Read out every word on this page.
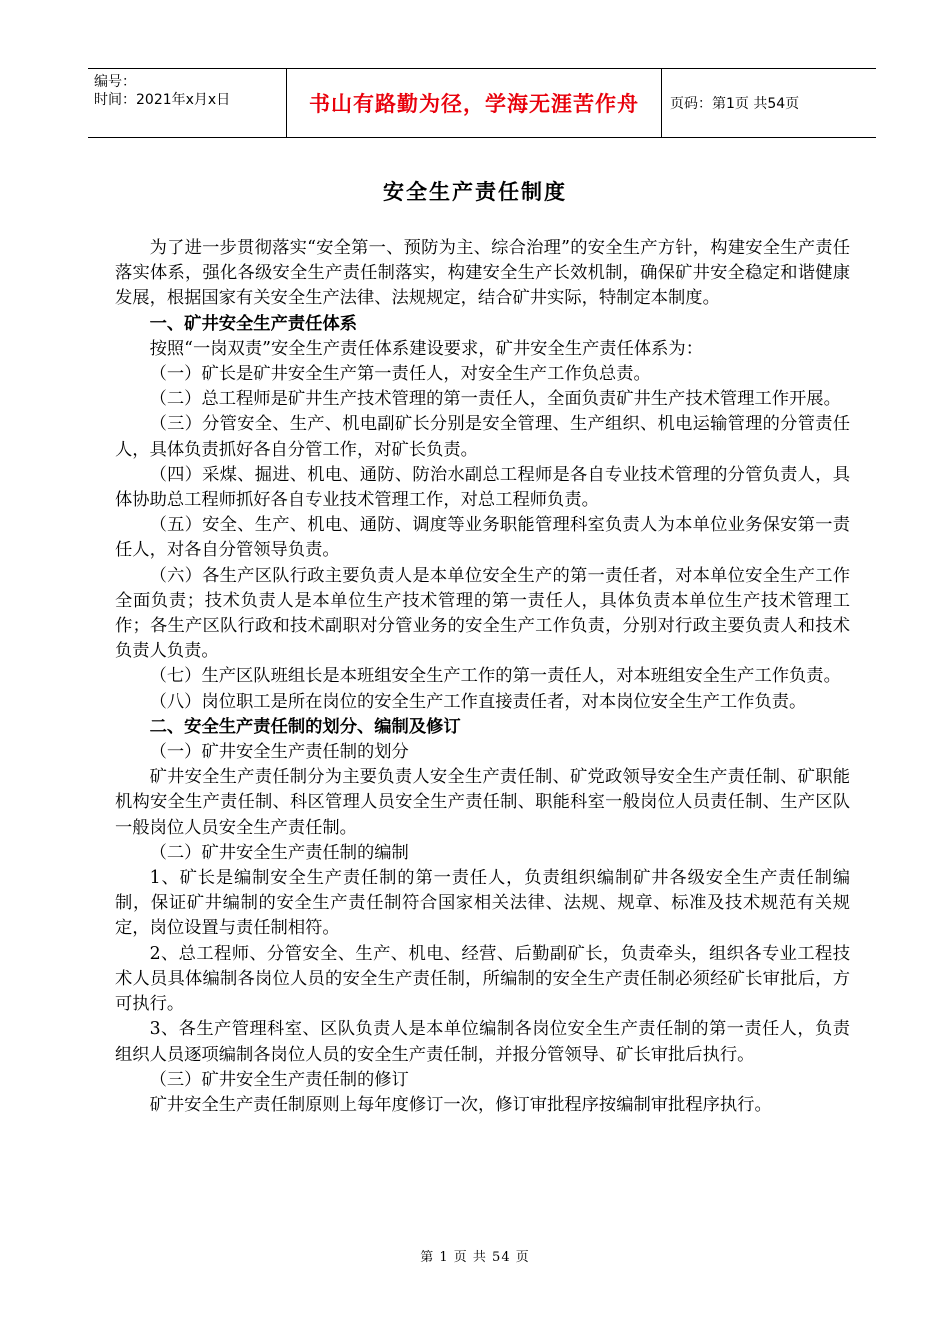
编号：
时间：2021年x月x日	书山有路勤为径，学海无涯苦作舟	页码：第1页 共54页
安全生产责任制度

为了进一步贯彻落实“安全第一、预防为主、综合治理”的安全生产方针，构建安全生产责任落实体系，强化各级安全生产责任制落实，构建安全生产长效机制，确保矿井安全稳定和谐健康发展，根据国家有关安全生产法律、法规规定，结合矿井实际，特制定本制度。

一、矿井安全生产责任体系

按照“一岗双责”安全生产责任体系建设要求，矿井安全生产责任体系为：

（一）矿长是矿井安全生产第一责任人，对安全生产工作负总责。

（二）总工程师是矿井生产技术管理的第一责任人，全面负责矿井生产技术管理工作开展。

（三）分管安全、生产、机电副矿长分别是安全管理、生产组织、机电运输管理的分管责任人，具体负责抓好各自分管工作，对矿长负责。

（四）采煤、掘进、机电、通防、防治水副总工程师是各自专业技术管理的分管负责人，具体协助总工程师抓好各自专业技术管理工作，对总工程师负责。

（五）安全、生产、机电、通防、调度等业务职能管理科室负责人为本单位业务保安第一责任人，对各自分管领导负责。

（六）各生产区队行政主要负责人是本单位安全生产的第一责任者，对本单位安全生产工作全面负责；技术负责人是本单位生产技术管理的第一责任人，具体负责本单位生产技术管理工作；各生产区队行政和技术副职对分管业务的安全生产工作负责，分别对行政主要负责人和技术负责人负责。

（七）生产区队班组长是本班组安全生产工作的第一责任人，对本班组安全生产工作负责。

（八）岗位职工是所在岗位的安全生产工作直接责任者，对本岗位安全生产工作负责。

二、安全生产责任制的划分、编制及修订

（一）矿井安全生产责任制的划分

矿井安全生产责任制分为主要负责人安全生产责任制、矿党政领导安全生产责任制、矿职能机构安全生产责任制、科区管理人员安全生产责任制、职能科室一般岗位人员责任制、生产区队一般岗位人员安全生产责任制。

（二）矿井安全生产责任制的编制

1、矿长是编制安全生产责任制的第一责任人，负责组织编制矿井各级安全生产责任制编制，保证矿井编制的安全生产责任制符合国家相关法律、法规、规章、标准及技术规范有关规定，岗位设置与责任制相符。

2、总工程师、分管安全、生产、机电、经营、后勤副矿长，负责牵头，组织各专业工程技术人员具体编制各岗位人员的安全生产责任制，所编制的安全生产责任制必须经矿长审批后，方可执行。

3、各生产管理科室、区队负责人是本单位编制各岗位安全生产责任制的第一责任人，负责组织人员逐项编制各岗位人员的安全生产责任制，并报分管领导、矿长审批后执行。

（三）矿井安全生产责任制的修订

矿井安全生产责任制原则上每年度修订一次，修订审批程序按编制审批程序执行。

第 1 页 共 54 页
